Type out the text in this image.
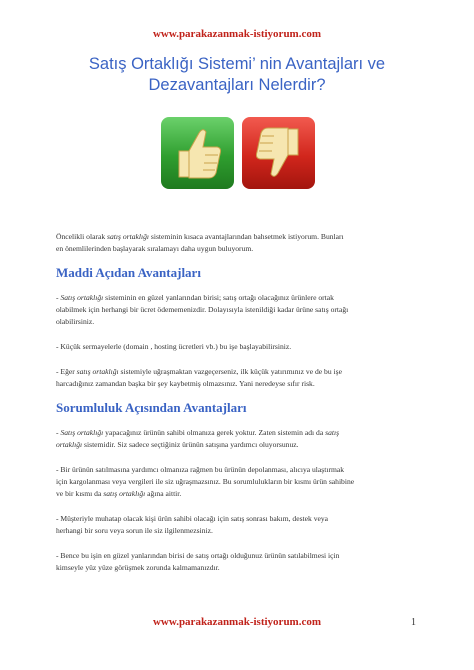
www.parakazanmak-istiyorum.com
Satış Ortaklığı Sistemi’ nin Avantajları ve
Dezavantajları Nelerdir?

Öncelikli olarak satış ortaklığı sisteminin kısaca avantajlarından bahsetmek istiyorum. Bunları

en önemlilerinden başlayarak sıralamayı daha uygun buluyorum.

Maddi Açıdan Avantajları

- Satış ortaklığı sisteminin en güzel yanlarından birisi; satış ortağı olacağınız ürünlere ortak

olabilmek için herhangi bir ücret ödememenizdir. Dolayısıyla istenildiği kadar ürüne satış ortağı

olabilirsiniz.

- Küçük sermayelerle (domain , hosting ücretleri vb.) bu işe başlayabilirsiniz.

- Eğer satış ortaklığı sistemiyle uğraşmaktan vazgeçerseniz, ilk küçük yatırımınız ve de bu işe

harcadığınız zamandan başka bir şey kaybetmiş olmazsınız. Yani neredeyse sıfır risk.

Sorumluluk Açısından Avantajları

- Satış ortaklığı yapacağınız ürünün sahibi olmanıza gerek yoktur. Zaten sistemin adı da satış

ortaklığı sistemidir. Siz sadece seçtiğiniz ürünün satışına yardımcı oluyorsunuz.

- Bir ürünün satılmasına yardımcı olmanıza rağmen bu ürünün depolanması, alıcıya ulaştırmak

için kargolanması veya vergileri ile siz uğraşmazsınız. Bu sorumlulukların bir kısmı ürün sahibine

ve bir kısmı da satış ortaklığı ağına aittir.

- Müşteriyle muhatap olacak kişi ürün sahibi olacağı için satış sonrası bakım, destek veya

herhangi bir soru veya sorun ile siz ilgilenmezsiniz.

- Bence bu işin en güzel yanlarından birisi de satış ortağı olduğunuz ürünün satılabilmesi için

kimseyle yüz yüze görüşmek zorunda kalmamanızdır.

www.parakazanmak-istiyorum.com	1
